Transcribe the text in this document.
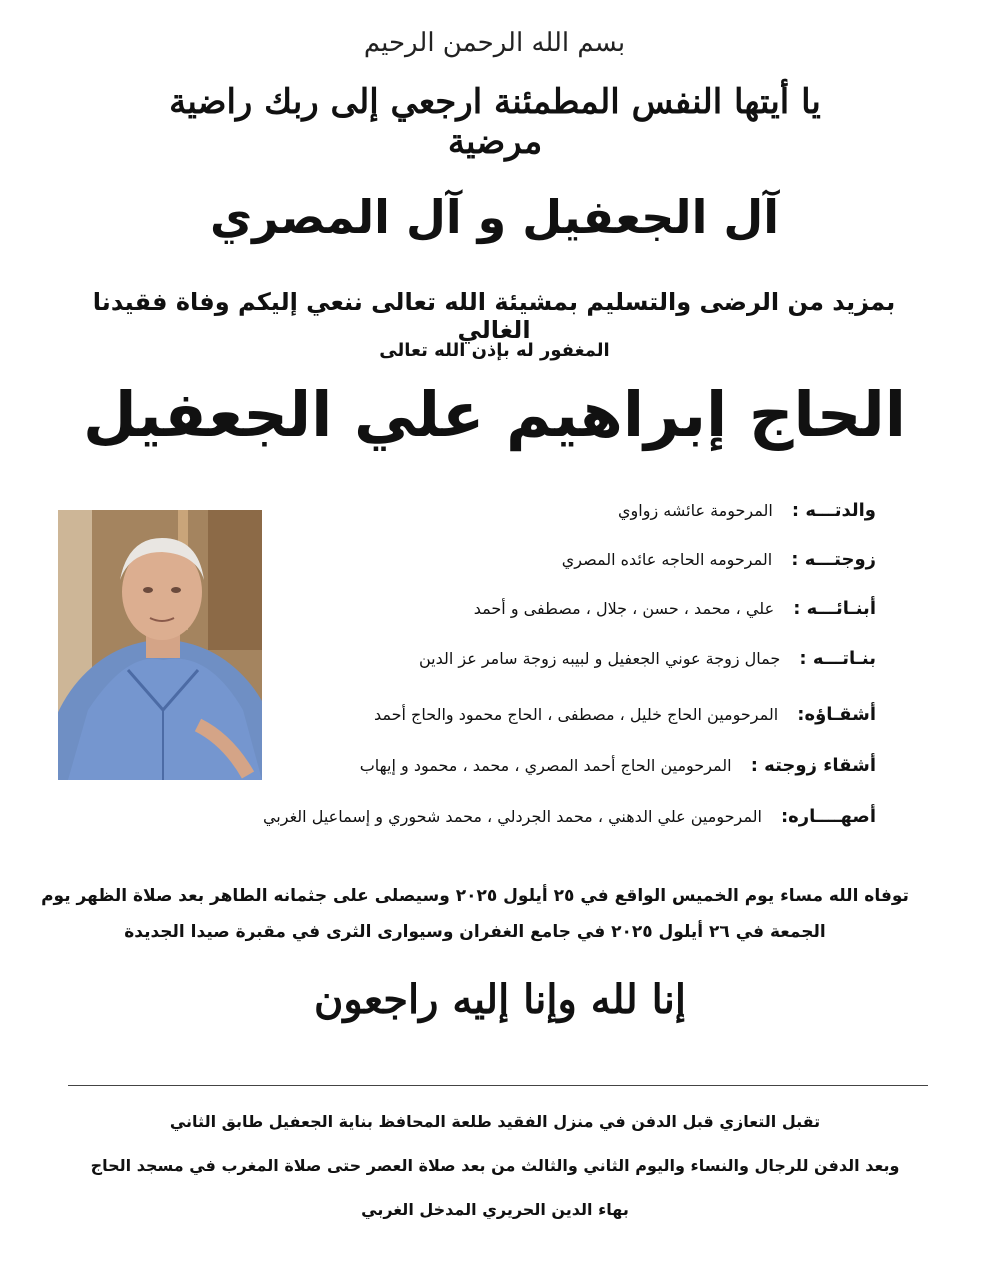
بسم الله الرحمن الرحيم
يا أيتها النفس المطمئنة ارجعي إلى ربك راضية مرضية
آل الجعفيل و آل المصري
بمزيد من الرضى والتسليم بمشيئة الله تعالى ننعي إليكم وفاة فقيدنا الغالي
المغفور له بإذن الله تعالى
الحاج إبراهيم علي الجعفيل
والدتـــه : المرحومة عائشه زواوي
زوجتـــه : المرحومه الحاجه عائده المصري
أبنـائـــه : علي ، محمد ، حسن ، جلال ، مصطفى و أحمد
بنـاتـــه : جمال زوجة عوني الجعفيل و لبيبه زوجة سامر عز الدين
أشقـاؤه: المرحومين الحاج خليل ، مصطفى ، الحاج محمود والحاج أحمد
أشقاء زوجته : المرحومين الحاج أحمد المصري ، محمد ، محمود و إيهاب
أصهــــاره: المرحومين علي الدهني ، محمد الجردلي ، محمد شحوري و إسماعيل الغربي
توفاه الله مساء يوم الخميس الواقع في ٢٥ أيلول ٢٠٢٥ وسيصلى على جثمانه الطاهر بعد صلاة الظهر يوم
الجمعة في ٢٦ أيلول ٢٠٢٥ في جامع الغفران وسيوارى الثرى في مقبرة صيدا الجديدة
إنا لله وإنا إليه راجعون
تقبل التعازي قبل الدفن في منزل الفقيد طلعة المحافظ بناية الجعفيل طابق الثاني
وبعد الدفن للرجال والنساء واليوم الثاني والثالث من بعد صلاة العصر حتى صلاة المغرب في مسجد الحاج
بهاء الدين الحريري المدخل الغربي
